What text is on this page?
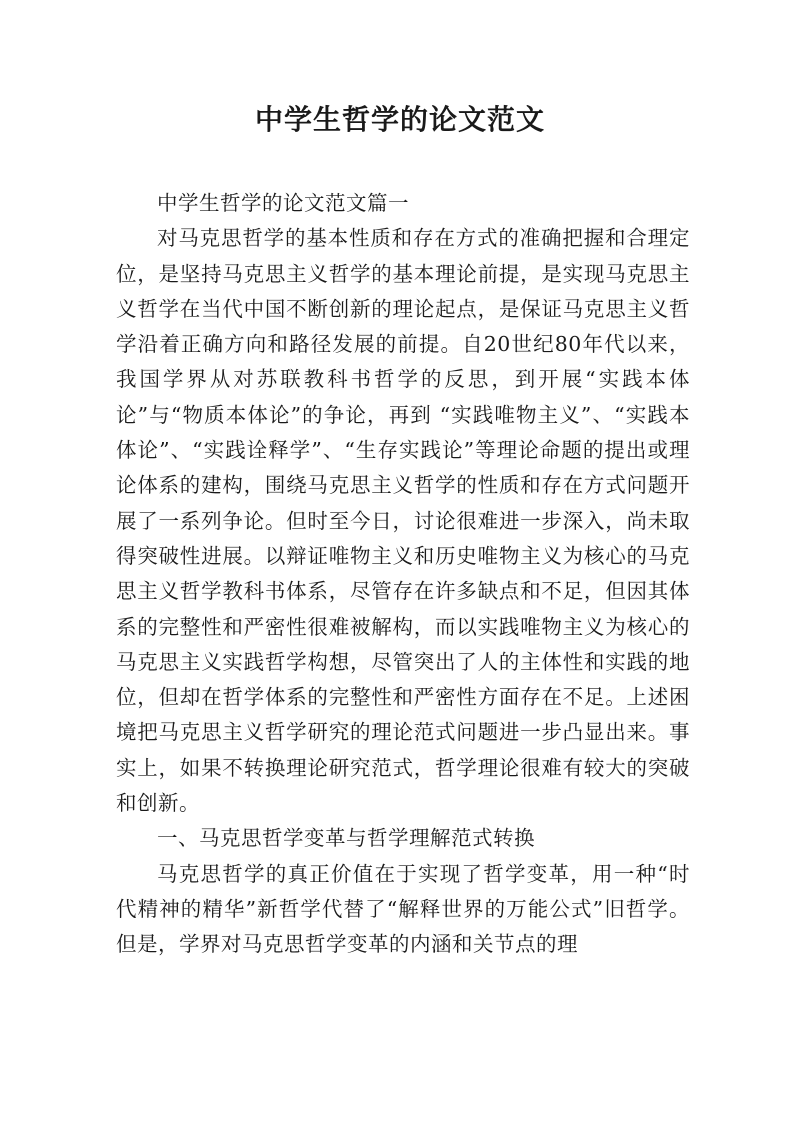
中学生哲学的论文范文

中学生哲学的论文范文篇一

对马克思哲学的基本性质和存在方式的准确把握和合理定位，是坚持马克思主义哲学的基本理论前提，是实现马克思主义哲学在当代中国不断创新的理论起点，是保证马克思主义哲学沿着正确方向和路径发展的前提。自20世纪80年代以来，我国学界从对苏联教科书哲学的反思，到开展“实践本体论”与“物质本体论”的争论，再到 “实践唯物主义”、“实践本体论”、“实践诠释学”、“生存实践论”等理论命题的提出或理论体系的建构，围绕马克思主义哲学的性质和存在方式问题开展了一系列争论。但时至今日，讨论很难进一步深入，尚未取得突破性进展。以辩证唯物主义和历史唯物主义为核心的马克思主义哲学教科书体系，尽管存在许多缺点和不足，但因其体系的完整性和严密性很难被解构，而以实践唯物主义为核心的马克思主义实践哲学构想，尽管突出了人的主体性和实践的地位，但却在哲学体系的完整性和严密性方面存在不足。上述困境把马克思主义哲学研究的理论范式问题进一步凸显出来。事实上，如果不转换理论研究范式，哲学理论很难有较大的突破和创新。

一、马克思哲学变革与哲学理解范式转换

马克思哲学的真正价值在于实现了哲学变革，用一种“时代精神的精华”新哲学代替了“解释世界的万能公式”旧哲学。但是，学界对马克思哲学变革的内涵和关节点的理
